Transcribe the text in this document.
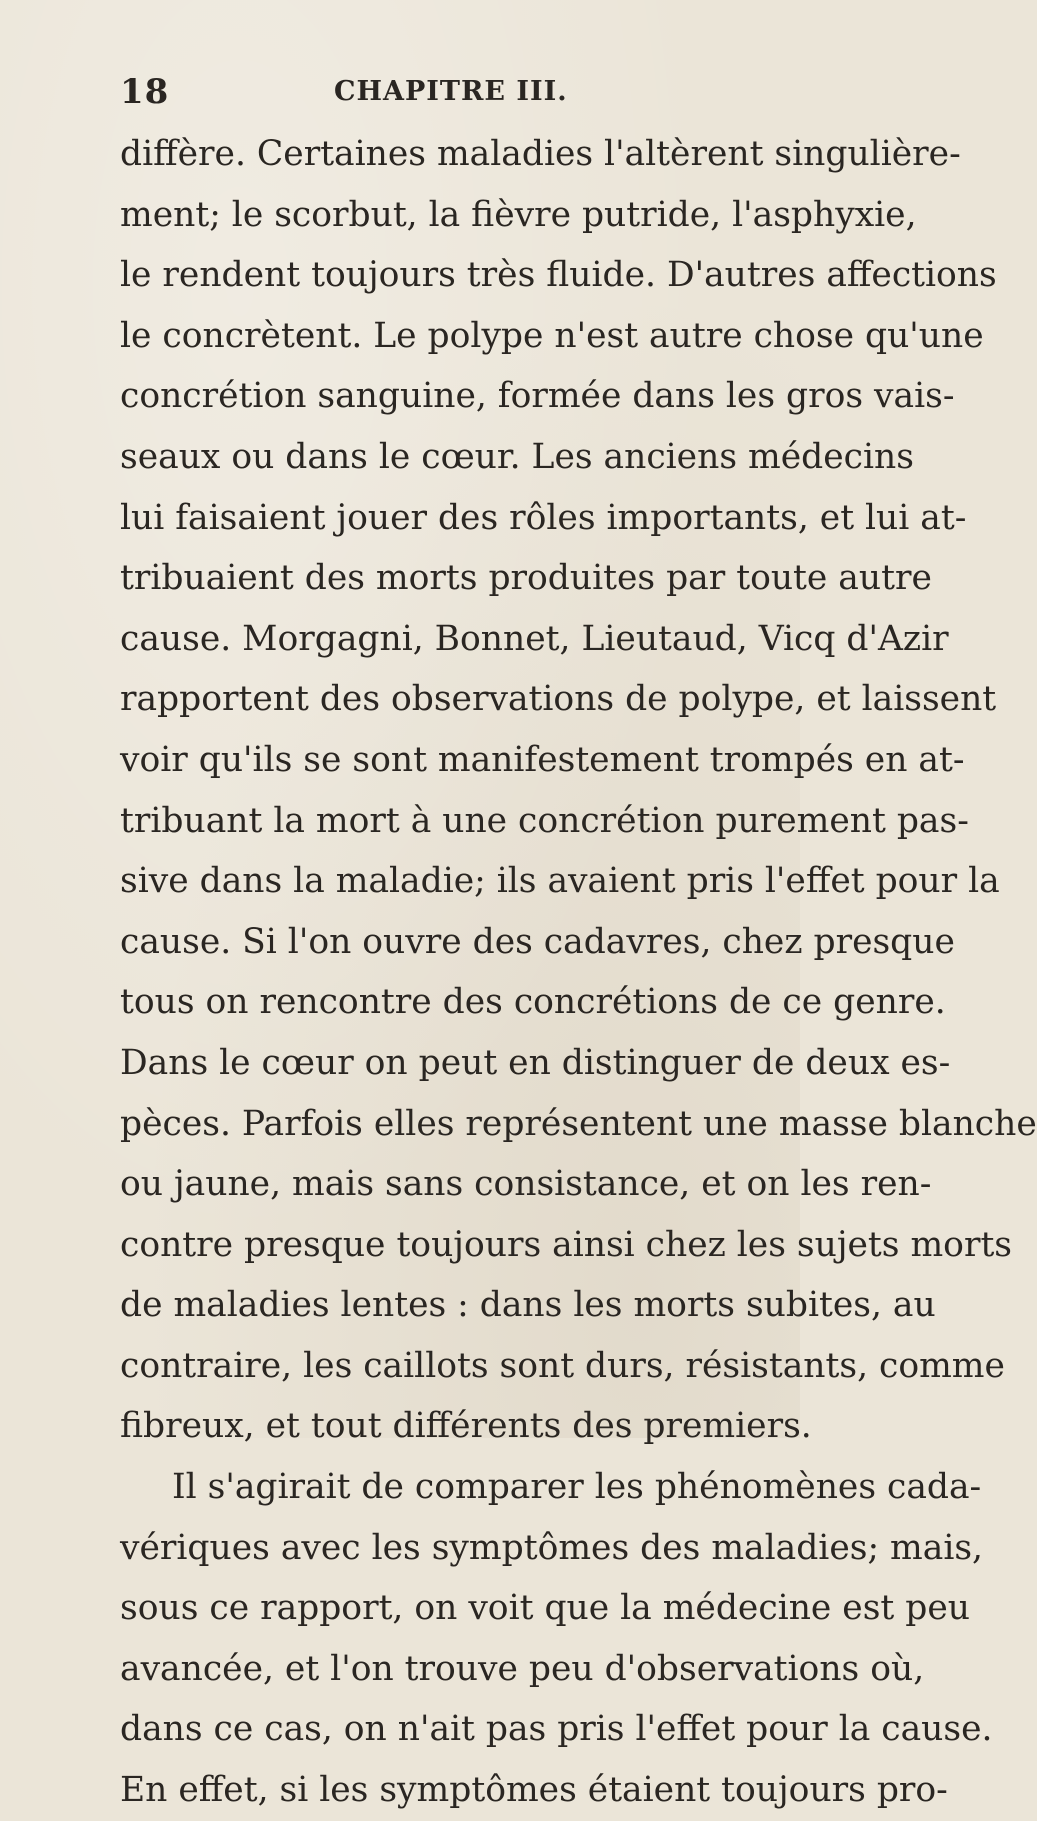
18	CHAPITRE III.
diffère. Certaines maladies l'altèrent singulière-
ment; le scorbut, la fièvre putride, l'asphyxie,
le rendent toujours très fluide. D'autres affections
le concrètent. Le polype n'est autre chose qu'une
concrétion sanguine, formée dans les gros vais-
seaux ou dans le cœur. Les anciens médecins
lui faisaient jouer des rôles importants, et lui at-
tribuaient des morts produites par toute autre
cause. Morgagni, Bonnet, Lieutaud, Vicq d'Azir
rapportent des observations de polype, et laissent
voir qu'ils se sont manifestement trompés en at-
tribuant la mort à une concrétion purement pas-
sive dans la maladie; ils avaient pris l'effet pour la
cause. Si l'on ouvre des cadavres, chez presque
tous on rencontre des concrétions de ce genre.
Dans le cœur on peut en distinguer de deux es-
pèces. Parfois elles représentent une masse blanche
ou jaune, mais sans consistance, et on les ren-
contre presque toujours ainsi chez les sujets morts
de maladies lentes : dans les morts subites, au
contraire, les caillots sont durs, résistants, comme
fibreux, et tout différents des premiers.
Il s'agirait de comparer les phénomènes cada-
vériques avec les symptômes des maladies; mais,
sous ce rapport, on voit que la médecine est peu
avancée, et l'on trouve peu d'observations où,
dans ce cas, on n'ait pas pris l'effet pour la cause.
En effet, si les symptômes étaient toujours pro-
